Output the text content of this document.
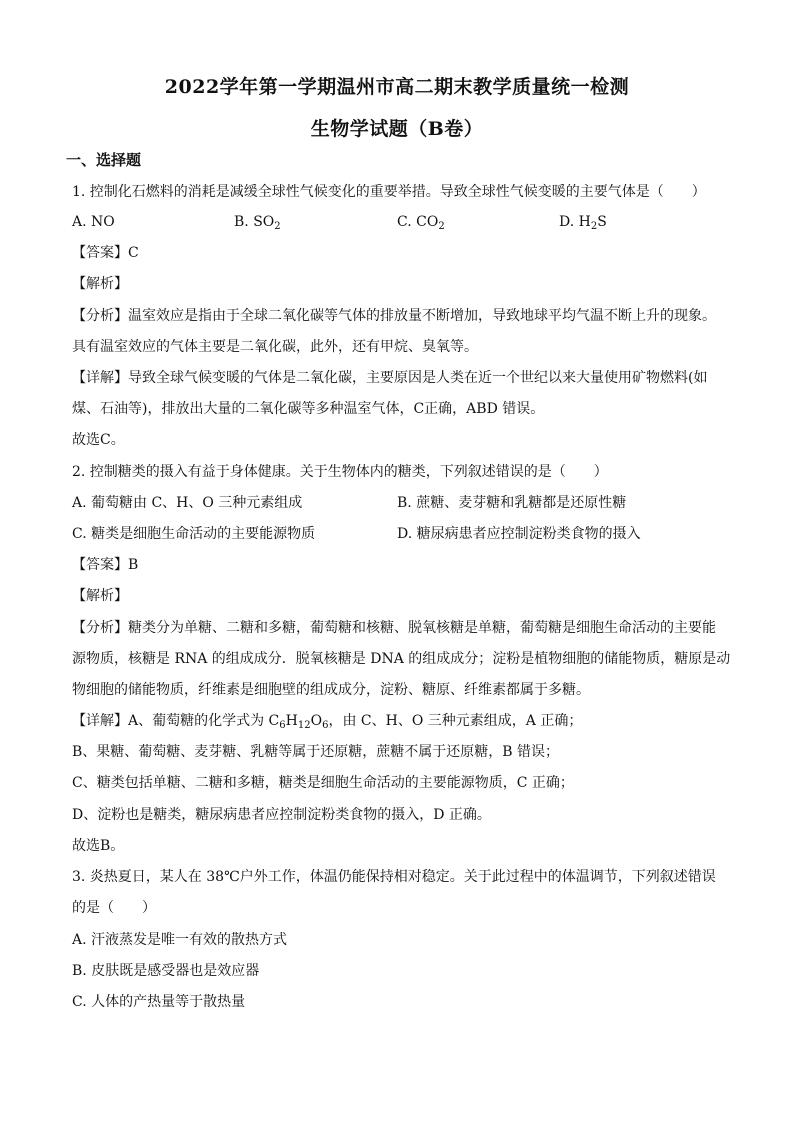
2022学年第一学期温州市高二期末教学质量统一检测
生物学试题（B卷）
一、选择题
1. 控制化石燃料的消耗是减缓全球性气候变化的重要举措。导致全球性气候变暖的主要气体是（　　）
A. NO	B. $SO_2$	C. $CO_2$	D. $H_2S$
【答案】C
【解析】
【分析】温室效应是指由于全球二氧化碳等气体的排放量不断增加，导致地球平均气温不断上升的现象。
具有温室效应的气体主要是二氧化碳，此外，还有甲烷、臭氧等。
【详解】导致全球气候变暖的气体是二氧化碳，主要原因是人类在近一个世纪以来大量使用矿物燃料(如
煤、石油等)，排放出大量的二氧化碳等多种温室气体，C正确，ABD 错误。
故选C。
2. 控制糖类的摄入有益于身体健康。关于生物体内的糖类，下列叙述错误的是（　　）
A. 葡萄糖由 C、H、O 三种元素组成	B. 蔗糖、麦芽糖和乳糖都是还原性糖
C. 糖类是细胞生命活动的主要能源物质	D. 糖尿病患者应控制淀粉类食物的摄入
【答案】B
【解析】
【分析】糖类分为单糖、二糖和多糖，葡萄糖和核糖、脱氧核糖是单糖，葡萄糖是细胞生命活动的主要能
源物质，核糖是 RNA 的组成成分．脱氧核糖是 DNA 的组成成分；淀粉是植物细胞的储能物质，糖原是动
物细胞的储能物质，纤维素是细胞壁的组成成分，淀粉、糖原、纤维素都属于多糖。
【详解】A、葡萄糖的化学式为 $C_6H_{12}O_6$，由 C、H、O 三种元素组成，A 正确；
B、果糖、葡萄糖、麦芽糖、乳糖等属于还原糖，蔗糖不属于还原糖，B 错误；
C、糖类包括单糖、二糖和多糖，糖类是细胞生命活动的主要能源物质，C 正确；
D、淀粉也是糖类，糖尿病患者应控制淀粉类食物的摄入，D 正确。
故选B。
3. 炎热夏日，某人在 38℃户外工作，体温仍能保持相对稳定。关于此过程中的体温调节，下列叙述错误
的是（　　）
A. 汗液蒸发是唯一有效的散热方式
B. 皮肤既是感受器也是效应器
C. 人体的产热量等于散热量
